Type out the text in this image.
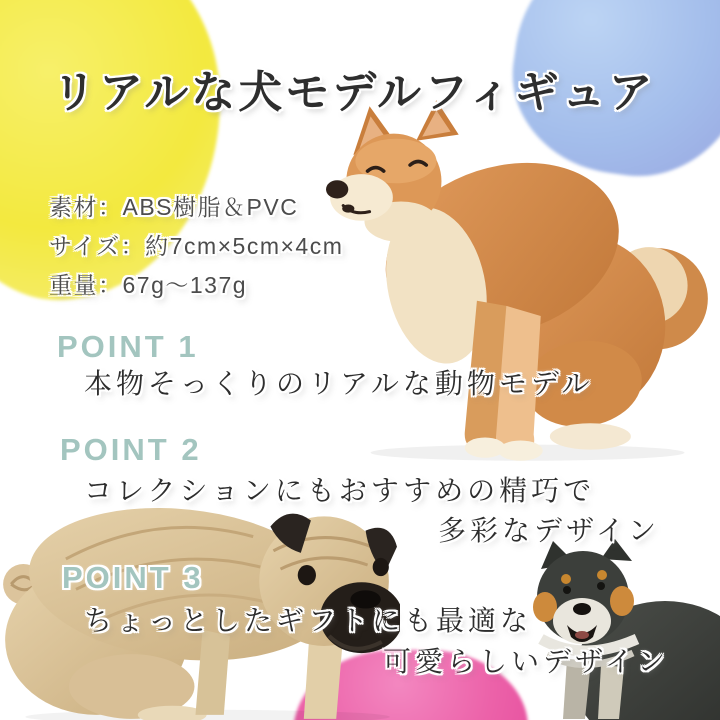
リアルな犬モデルフィギュア
素材：ABS樹脂＆PVC
サイズ：約7cm×5cm×4cm
重量：67g〜137g
POINT 1
本物そっくりのリアルな動物モデル
POINT 2
コレクションにもおすすめの精巧で
多彩なデザイン
POINT 3
ちょっとしたギフトにも最適な
可愛らしいデザイン
